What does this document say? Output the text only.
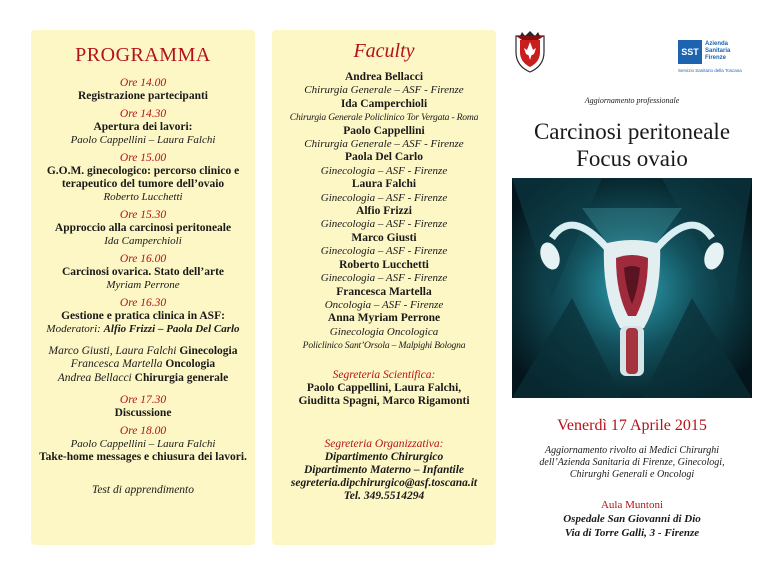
PROGRAMMA
Ore 14.00
Registrazione partecipanti
Ore 14.30
Apertura dei lavori:
Paolo Cappellini – Laura Falchi
Ore 15.00
G.O.M. ginecologico: percorso clinico e terapeutico del tumore dell’ovaio
Roberto Lucchetti
Ore 15.30
Approccio alla carcinosi peritoneale
Ida Camperchioli
Ore 16.00
Carcinosi ovarica. Stato dell’arte
Myriam Perrone
Ore 16.30
Gestione e pratica clinica in ASF:
Moderatori: Alfio Frizzi – Paola Del Carlo
Marco Giusti, Laura Falchi Ginecologia
Francesca Martella Oncologia
Andrea Bellacci Chirurgia generale
Ore 17.30
Discussione
Ore 18.00
Paolo Cappellini – Laura Falchi
Take-home messages e chiusura dei lavori.
Test di apprendimento
Faculty
Andrea Bellacci
Chirurgia Generale – ASF - Firenze
Ida Camperchioli
Chirurgia Generale Policlinico Tor Vergata - Roma
Paolo Cappellini
Chirurgia Generale – ASF - Firenze
Paola Del Carlo
Ginecologia – ASF - Firenze
Laura Falchi
Ginecologia – ASF - Firenze
Alfio Frizzi
Ginecologia – ASF - Firenze
Marco Giusti
Ginecologia – ASF - Firenze
Roberto Lucchetti
Ginecologia – ASF - Firenze
Francesca Martella
Oncologia – ASF - Firenze
Anna Myriam Perrone
Ginecologia Oncologica
Policlinico Sant’Orsola – Malpighi Bologna
Segreteria Scientifica:
Paolo Cappellini, Laura Falchi,
Giuditta Spagni, Marco Rigamonti
Segreteria Organizzativa:
Dipartimento Chirurgico
Dipartimento Materno – Infantile
segreteria.dipchirurgico@asf.toscana.it
Tel. 349.5514294
SST
Azienda
Sanitaria
Firenze
Servizio Sanitario della Toscana
Aggiornamento professionale
Carcinosi peritoneale
Focus ovaio
Venerdì 17 Aprile 2015
Aggiornamento rivolto ai Medici Chirurghi
dell’Azienda Sanitaria di Firenze, Ginecologi,
Chirurghi Generali e Oncologi
Aula Muntoni
Ospedale San Giovanni di Dio
Via di Torre Galli, 3 - Firenze
